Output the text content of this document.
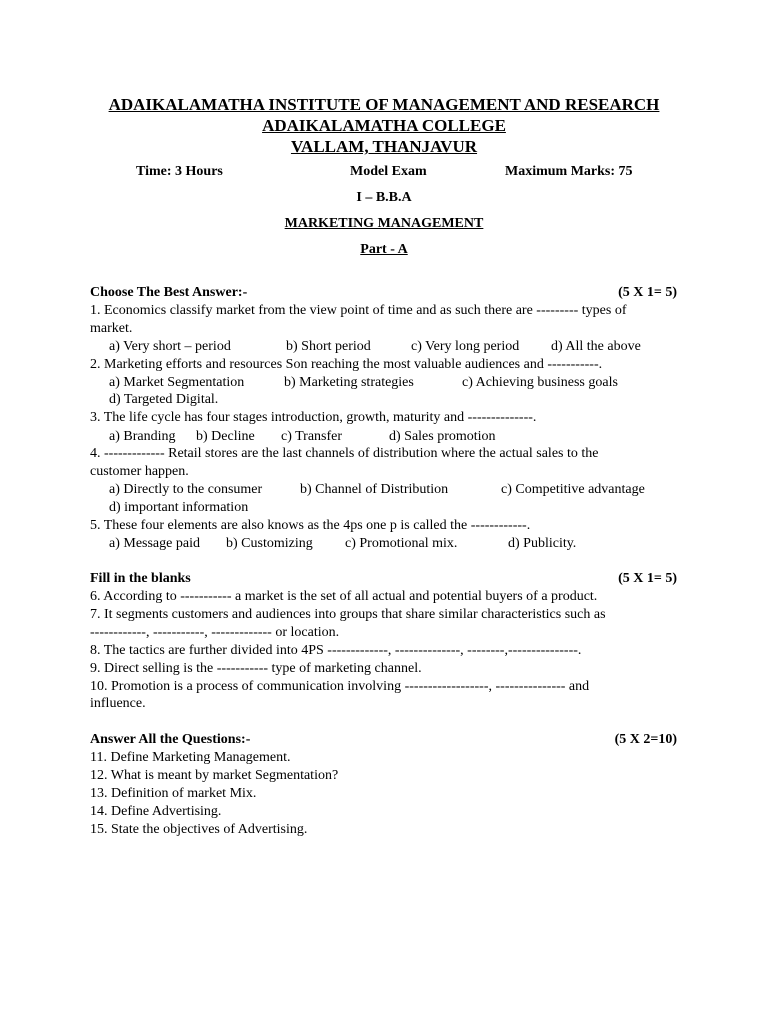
ADAIKALAMATHA INSTITUTE OF MANAGEMENT AND RESEARCH
ADAIKALAMATHA COLLEGE
VALLAM, THANJAVUR
Time: 3 Hours	Model Exam	Maximum Marks: 75
I – B.B.A
MARKETING MANAGEMENT
Part - A
Choose The Best Answer:-	(5 X 1= 5)
1. Economics classify market from the view point of time and as such there are --------- types of
market.
a) Very short – period	b) Short period	c) Very long period d) All the above
2. Marketing efforts and resources Son reaching the most valuable audiences and -----------.
a) Market Segmentation	b) Marketing strategies	c) Achieving business goals
d) Targeted Digital.
3. The life cycle has four stages introduction, growth, maturity and --------------.
a) Branding b) Decline c) Transfer	d) Sales promotion
4. ------------- Retail stores are the last channels of distribution where the actual sales to the
customer happen.
a) Directly to the consumer	b) Channel of Distribution	c) Competitive advantage
d) important information
5. These four elements are also knows as the 4ps one p is called the ------------.
a) Message paid b) Customizing c) Promotional mix.	d) Publicity.
Fill in the blanks	(5 X 1= 5)
6. According to ----------- a market is the set of all actual and potential buyers of a product.
7. It segments customers and audiences into groups that share similar characteristics such as
------------, -----------, ------------- or location.
8. The tactics are further divided into 4PS -------------, --------------, --------,---------------.
9. Direct selling is the ----------- type of marketing channel.
10. Promotion is a process of communication involving ------------------, --------------- and
influence.
Answer All the Questions:-	(5 X 2=10)
11. Define Marketing Management.
12. What is meant by market Segmentation?
13. Definition of market Mix.
14. Define Advertising.
15. State the objectives of Advertising.
